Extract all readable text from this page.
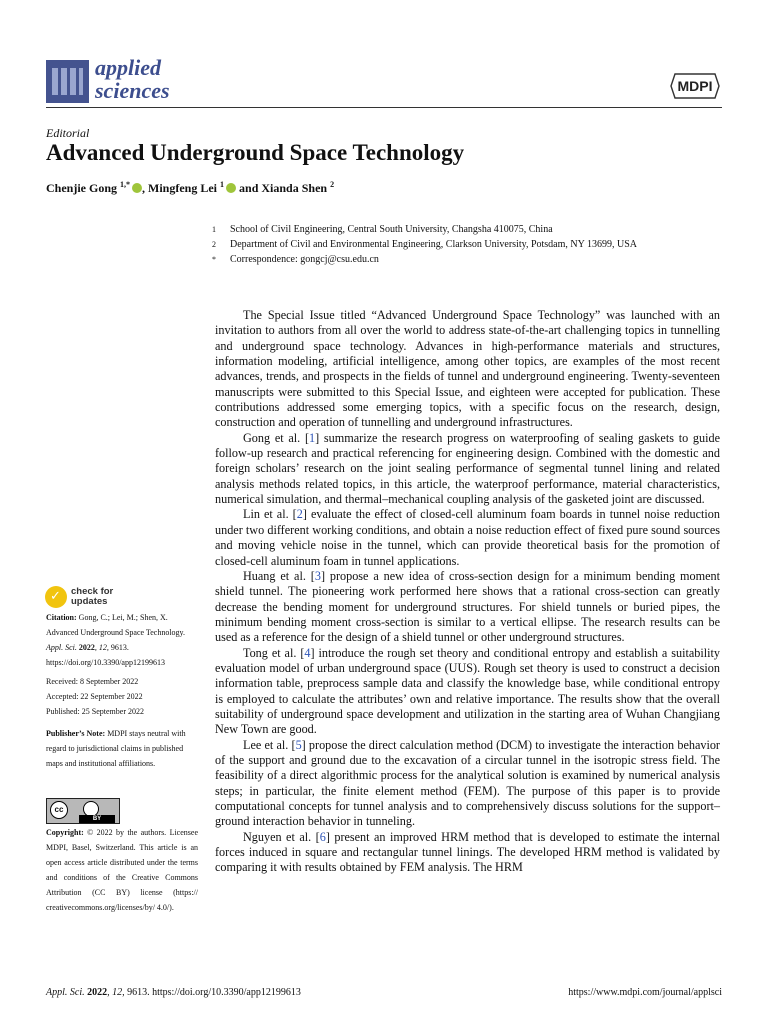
applied
sciences	MDPI
Editorial
Advanced Underground Space Technology
Chenjie Gong $^{1,*}$ , Mingfeng Lei $^1$ and Xianda Shen $^2$
1	School of Civil Engineering, Central South University, Changsha 410075, China
2	Department of Civil and Environmental Engineering, Clarkson University, Potsdam, NY 13699, USA
*	Correspondence: gongcj@csu.edu.cn

The Special Issue titled “Advanced Underground Space Technology” was launched with an invitation to authors from all over the world to address state-of-the-art challenging topics in tunnelling and underground space technology. Advances in high-performance materials and structures, information modeling, artificial intelligence, among other topics, are examples of the most recent advances, trends, and prospects in the fields of tunnel and underground engineering. Twenty-seventeen manuscripts were submitted to this Special Issue, and eighteen were accepted for publication. These contributions addressed some emerging topics, with a specific focus on the research, design, construction and operation of tunnelling and underground infrastructures.

Gong et al. [1] summarize the research progress on waterproofing of sealing gaskets to guide follow-up research and practical referencing for engineering design. Combined with the domestic and foreign scholars’ research on the joint sealing performance of segmental tunnel lining and related analysis methods related topics, in this article, the waterproof performance, material characteristics, numerical simulation, and thermal–mechanical coupling analysis of the gasketed joint are discussed.

Lin et al. [2] evaluate the effect of closed-cell aluminum foam boards in tunnel noise reduction under two different working conditions, and obtain a noise reduction effect of fixed pure sound sources and moving vehicle noise in the tunnel, which can provide theoretical basis for the promotion of closed-cell aluminum foam in tunnel applications.

Huang et al. [3] propose a new idea of cross-section design for a minimum bending moment shield tunnel. The pioneering work performed here shows that a rational cross-section can greatly decrease the bending moment for underground structures. For shield tunnels or buried pipes, the minimum bending moment cross-section is similar to a vertical ellipse. The research results can be used as a reference for the design of a shield tunnel or other underground structures.

Tong et al. [4] introduce the rough set theory and conditional entropy and establish a suitability evaluation model of urban underground space (UUS). Rough set theory is used to construct a decision information table, preprocess sample data and classify the knowledge base, while conditional entropy is employed to calculate the attributes’ own and relative importance. The results show that the overall suitability of underground space development and utilization in the starting area of Wuhan Changjiang New Town are good.

Lee et al. [5] propose the direct calculation method (DCM) to investigate the interaction behavior of the support and ground due to the excavation of a circular tunnel in the isotropic stress field. The feasibility of a direct algorithmic process for the analytical solution is examined by numerical analysis steps; in particular, the finite element method (FEM). The purpose of this paper is to provide computational concepts for tunnel analysis and to comprehensively discuss solutions for the support–ground interaction behavior in tunneling.

Nguyen et al. [6] present an improved HRM method that is developed to estimate the internal forces induced in square and rectangular tunnel linings. The developed HRM method is validated by comparing it with results obtained by FEM analysis. The HRM

✓ check for
updates
Citation: Gong, C.; Lei, M.; Shen, X. Advanced Underground Space Technology. Appl. Sci. 2022, 12, 9613. https://doi.org/10.3390/app12199613
Received: 8 September 2022
Accepted: 22 September 2022
Published: 25 September 2022
Publisher’s Note: MDPI stays neutral with regard to jurisdictional claims in published maps and institutional affiliations.
cc
BY
Copyright: © 2022 by the authors. Licensee MDPI, Basel, Switzerland. This article is an open access article distributed under the terms and conditions of the Creative Commons Attribution (CC BY) license (https:// creativecommons.org/licenses/by/ 4.0/).
Appl. Sci. 2022, 12, 9613. https://doi.org/10.3390/app12199613	https://www.mdpi.com/journal/applsci
